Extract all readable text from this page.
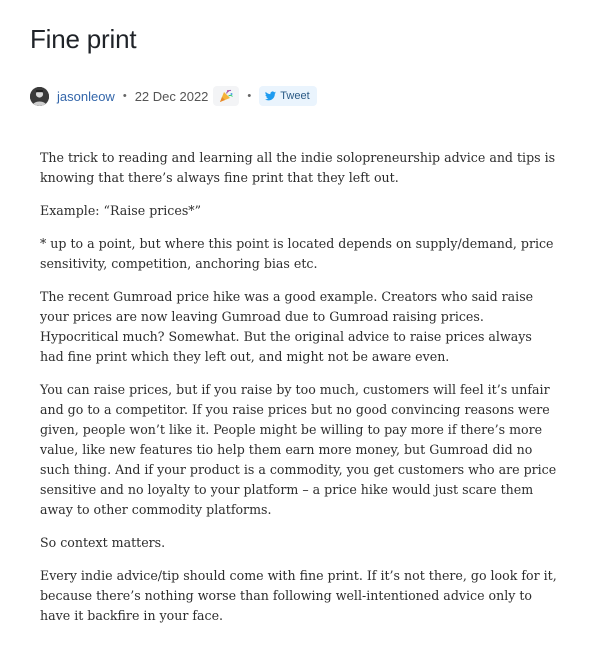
Fine print
jasonleow • 22 Dec 2022	•	Tweet

The trick to reading and learning all the indie solopreneurship advice and tips is knowing that there’s always fine print that they left out.

Example: “Raise prices*”

* up to a point, but where this point is located depends on supply/demand, price sensitivity, competition, anchoring bias etc.

The recent Gumroad price hike was a good example. Creators who said raise your prices are now leaving Gumroad due to Gumroad raising prices. Hypocritical much? Somewhat. But the original advice to raise prices always had fine print which they left out, and might not be aware even.

You can raise prices, but if you raise by too much, customers will feel it’s unfair and go to a competitor. If you raise prices but no good convincing reasons were given, people won’t like it. People might be willing to pay more if there’s more value, like new features tio help them earn more money, but Gumroad did no such thing. And if your product is a commodity, you get customers who are price sensitive and no loyalty to your platform – a price hike would just scare them away to other commodity platforms.

So context matters.

Every indie advice/tip should come with fine print. If it’s not there, go look for it, because there’s nothing worse than following well-intentioned advice only to have it backfire in your face.
